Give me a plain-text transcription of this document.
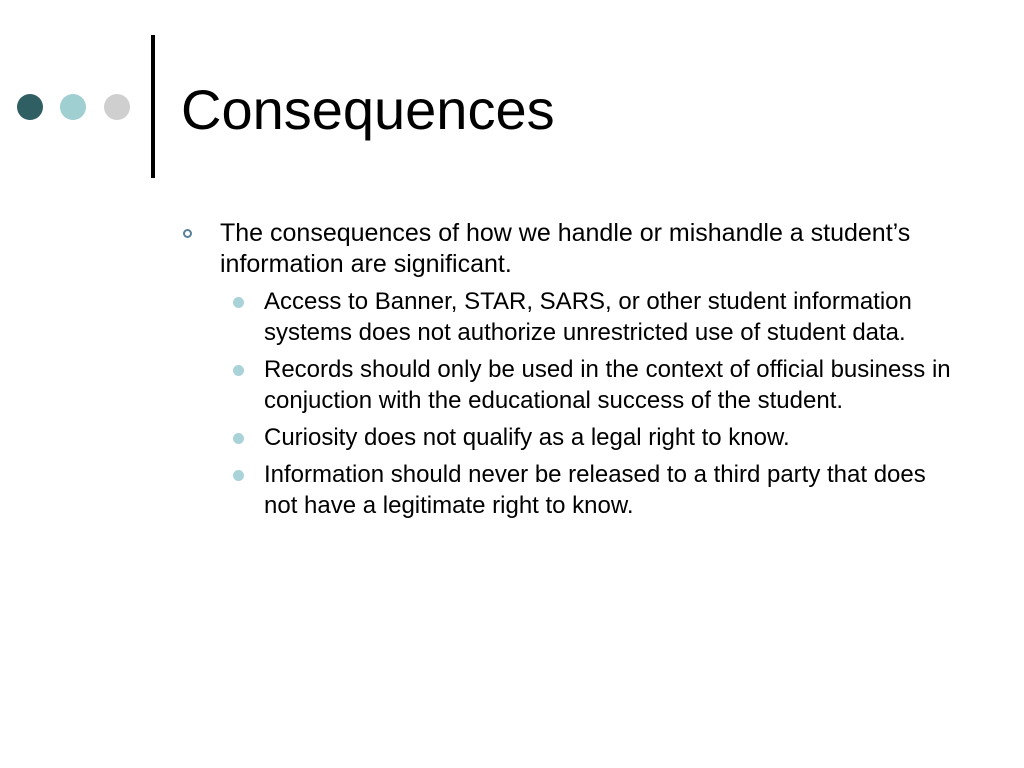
Consequences
The consequences of how we handle or mishandle a student’s information are significant.
Access to Banner, STAR, SARS, or other student information systems does not authorize unrestricted use of student data.
Records should only be used in the context of official business in conjuction with the educational success of the student.
Curiosity does not qualify as a legal right to know.
Information should never be released to a third party that does not have a legitimate right to know.
